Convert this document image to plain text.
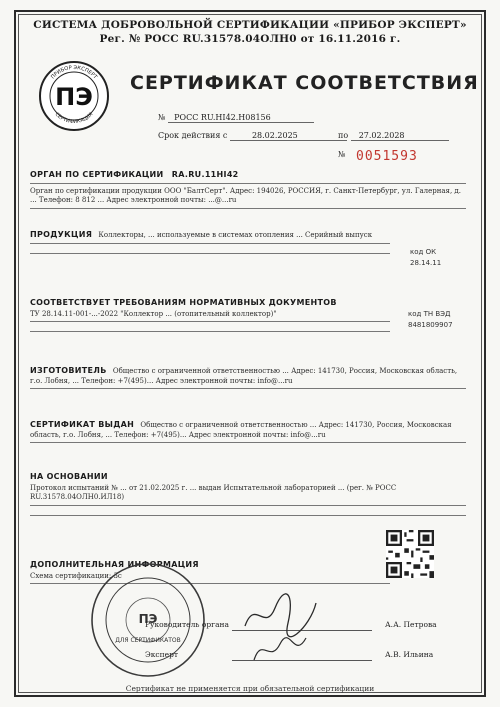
СИСТЕМА ДОБРОВОЛЬНОЙ СЕРТИФИКАЦИИ «ПРИБОР ЭКСПЕРТ»
Рег. № РОСС RU.31578.04ОЛН0 от 16.11.2016 г.
ПЭ
ПРИБОР ЭКСПЕРТ
СЕРТИФИКАЦИЯ
СЕРТИФИКАТ СООТВЕТСТВИЯ
№ РОСС RU.HI42.H08156
Срок действия с	28.02.2025	по 27.02.2028
№ 0051593
ОРГАН ПО СЕРТИФИКАЦИИ RA.RU.11HI42
Орган по сертификации продукции ООО "БалтСерт". Адрес: 194026, РОССИЯ, г. Санкт-Петербург, ул. Галерная, д. ... Телефон: 8 812 ... Адрес электронной почты: ...@...ru
ПРОДУКЦИЯ Коллекторы, ... используемые в системах отопления ... Серийный выпуск
код ОК
28.14.11
СООТВЕТСТВУЕТ ТРЕБОВАНИЯМ НОРМАТИВНЫХ ДОКУМЕНТОВ
ТУ 28.14.11-001-...-2022 "Коллектор ... (отопительный коллектор)"	код ТН ВЭД
8481809907
ИЗГОТОВИТЕЛЬ Общество с ограниченной ответственностью ... Адрес: 141730, Россия, Московская область, г.о. Лобня, ... Телефон: +7(495)... Адрес электронной почты: info@...ru
СЕРТИФИКАТ ВЫДАН Общество с ограниченной ответственностью ... Адрес: 141730, Россия, Московская область, г.о. Лобня, ... Телефон: +7(495)... Адрес электронной почты: info@...ru
НА ОСНОВАНИИ
Протокол испытаний № ... от 21.02.2025 г. ... выдан Испытательной лабораторией ... (рег. № РОСС RU.31578.04ОЛН0.ИЛ18)
ДОПОЛНИТЕЛЬНАЯ ИНФОРМАЦИЯ
Схема сертификации: 3с
ПЭ
ДЛЯ СЕРТИФИКАТОВ
Руководитель органа	А.А. Петрова
Эксперт	А.В. Ильина
Сертификат не применяется при обязательной сертификации
